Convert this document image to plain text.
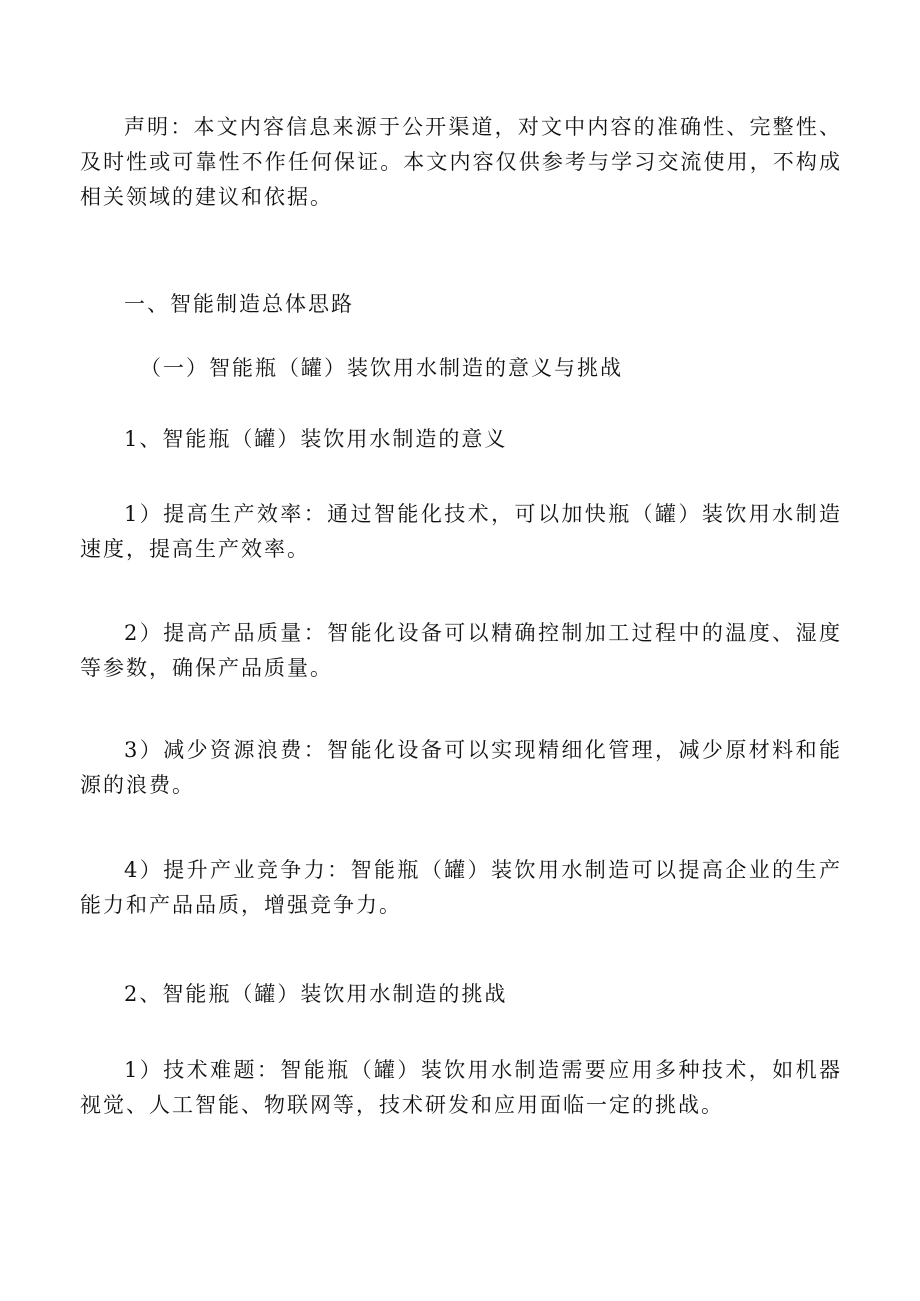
声明：本文内容信息来源于公开渠道，对文中内容的准确性、完整性、及时性或可靠性不作任何保证。本文内容仅供参考与学习交流使用，不构成相关领域的建议和依据。

一、智能制造总体思路

（一）智能瓶（罐）装饮用水制造的意义与挑战

1、智能瓶（罐）装饮用水制造的意义

1）提高生产效率：通过智能化技术，可以加快瓶（罐）装饮用水制造速度，提高生产效率。

2）提高产品质量：智能化设备可以精确控制加工过程中的温度、湿度等参数，确保产品质量。

3）减少资源浪费：智能化设备可以实现精细化管理，减少原材料和能源的浪费。

4）提升产业竞争力：智能瓶（罐）装饮用水制造可以提高企业的生产能力和产品品质，增强竞争力。

2、智能瓶（罐）装饮用水制造的挑战

1）技术难题：智能瓶（罐）装饮用水制造需要应用多种技术，如机器视觉、人工智能、物联网等，技术研发和应用面临一定的挑战。
